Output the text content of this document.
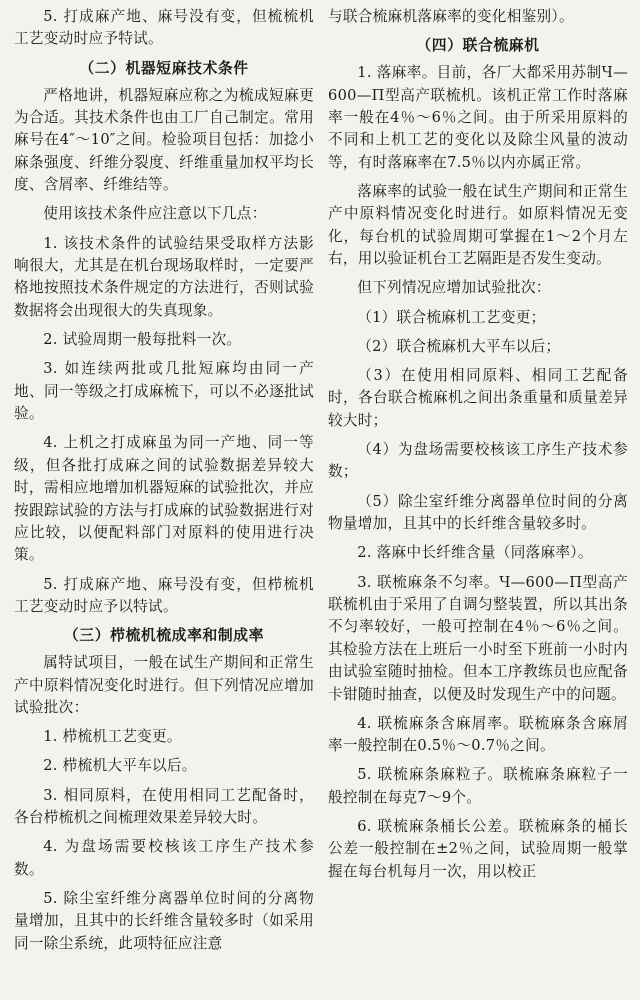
5. 打成麻产地、麻号没有变，但梳梳机工艺变动时应予特试。
（二）机器短麻技术条件
严格地讲，机器短麻应称之为梳成短麻更为合适。其技术条件也由工厂自己制定。常用麻号在4″～10″之间。检验项目包括：加捻小麻条强度、纤维分裂度、纤维重量加权平均长度、含屑率、纤维结等。
使用该技术条件应注意以下几点：
1. 该技术条件的试验结果受取样方法影响很大，尤其是在机台现场取样时，一定要严格地按照技术条件规定的方法进行，否则试验数据将会出现很大的失真现象。
2. 试验周期一般每批料一次。
3. 如连续两批或几批短麻均由同一产地、同一等级之打成麻梳下，可以不必逐批试验。
4. 上机之打成麻虽为同一产地、同一等级，但各批打成麻之间的试验数据差异较大时，需相应地增加机器短麻的试验批次，并应按跟踪试验的方法与打成麻的试验数据进行对应比较，以便配料部门对原料的使用进行决策。
5. 打成麻产地、麻号没有变，但栉梳机工艺变动时应予以特试。
（三）栉梳机梳成率和制成率
属特试项目，一般在试生产期间和正常生产中原料情况变化时进行。但下列情况应增加试验批次：
1. 栉梳机工艺变更。
2. 栉梳机大平车以后。
3. 相同原料，在使用相同工艺配备时，各台栉梳机之间梳理效果差异较大时。
4. 为盘场需要校核该工序生产技术参数。
5. 除尘室纤维分离器单位时间的分离物量增加，且其中的长纤维含量较多时（如采用同一除尘系统，此项特征应注意
与联合梳麻机落麻率的变化相鉴别）。
（四）联合梳麻机
1. 落麻率。目前，各厂大都采用苏制Ч—600—П型高产联梳机。该机正常工作时落麻率一般在4％～6％之间。由于所采用原料的不同和上机工艺的变化以及除尘风量的波动等，有时落麻率在7.5％以内亦属正常。
落麻率的试验一般在试生产期间和正常生产中原料情况变化时进行。如原料情况无变化，每台机的试验周期可掌握在1～2个月左右，用以验证机台工艺隔距是否发生变动。
但下列情况应增加试验批次：
（1）联合梳麻机工艺变更；
（2）联合梳麻机大平车以后；
（3）在使用相同原料、相同工艺配备时，各台联合梳麻机之间出条重量和质量差异较大时；
（4）为盘场需要校核该工序生产技术参数；
（5）除尘室纤维分离器单位时间的分离物量增加，且其中的长纤维含量较多时。
2. 落麻中长纤维含量（同落麻率）。
3. 联梳麻条不匀率。Ч—600—П型高产联梳机由于采用了自调匀整装置，所以其出条不匀率较好，一般可控制在4％～6％之间。其检验方法在上班后一小时至下班前一小时内由试验室随时抽检。但本工序教练员也应配备卡钳随时抽查，以便及时发现生产中的问题。
4. 联梳麻条含麻屑率。联梳麻条含麻屑率一般控制在0.5％～0.7％之间。
5. 联梳麻条麻粒子。联梳麻条麻粒子一般控制在每克7～9个。
6. 联梳麻条桶长公差。联梳麻条的桶长公差一般控制在±2％之间，试验周期一般掌握在每台机每月一次，用以校正
